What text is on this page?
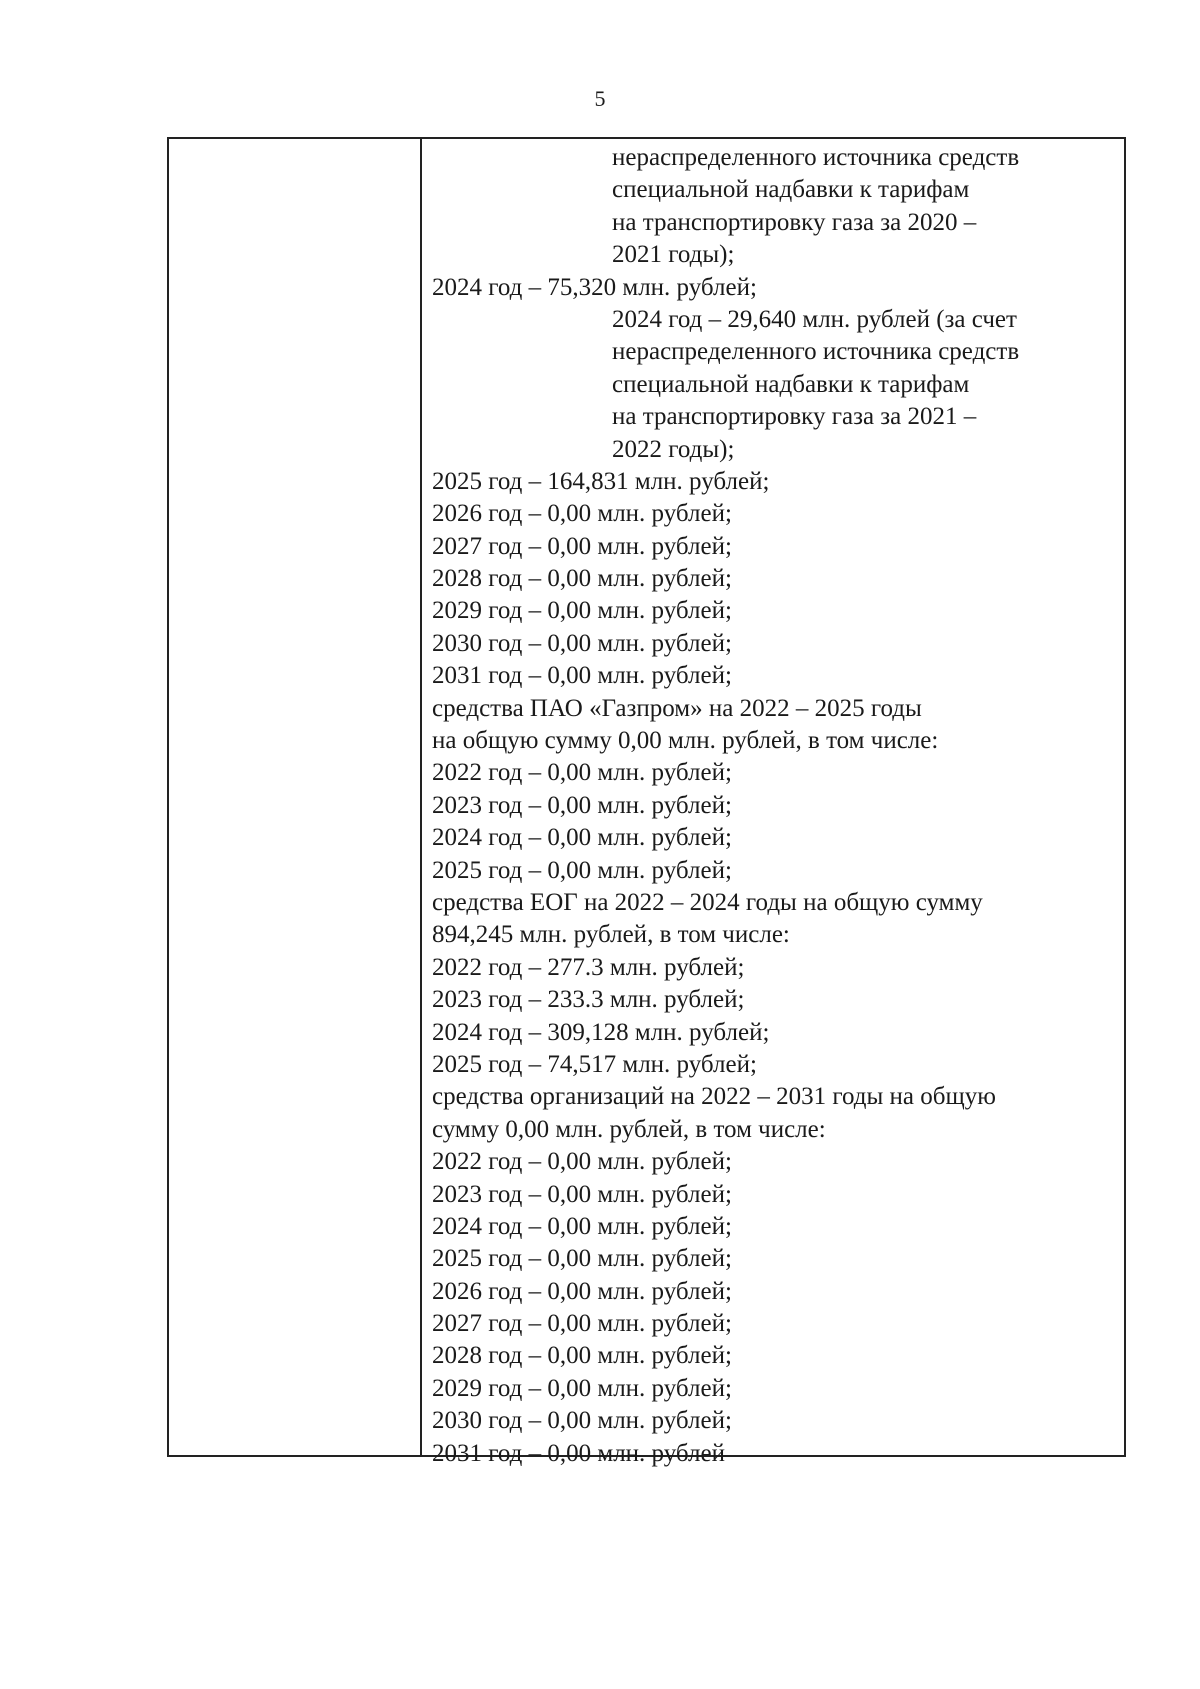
5
нераспределенного источника средств
специальной надбавки к тарифам
на транспортировку газа за 2020 –
2021 годы);
2024 год – 75,320 млн. рублей;
2024 год – 29,640 млн. рублей (за счет
нераспределенного источника средств
специальной надбавки к тарифам
на транспортировку газа за 2021 –
2022 годы);
2025 год – 164,831 млн. рублей;
2026 год – 0,00 млн. рублей;
2027 год – 0,00 млн. рублей;
2028 год – 0,00 млн. рублей;
2029 год – 0,00 млн. рублей;
2030 год – 0,00 млн. рублей;
2031 год – 0,00 млн. рублей;
средства ПАО «Газпром» на 2022 – 2025 годы
на общую сумму 0,00 млн. рублей, в том числе:
2022 год – 0,00 млн. рублей;
2023 год – 0,00 млн. рублей;
2024 год – 0,00 млн. рублей;
2025 год – 0,00 млн. рублей;
средства ЕОГ на 2022 – 2024 годы на общую сумму
894,245 млн. рублей, в том числе:
2022 год – 277.3 млн. рублей;
2023 год – 233.3 млн. рублей;
2024 год – 309,128 млн. рублей;
2025 год – 74,517 млн. рублей;
средства организаций на 2022 – 2031 годы на общую
сумму 0,00 млн. рублей, в том числе:
2022 год – 0,00 млн. рублей;
2023 год – 0,00 млн. рублей;
2024 год – 0,00 млн. рублей;
2025 год – 0,00 млн. рублей;
2026 год – 0,00 млн. рублей;
2027 год – 0,00 млн. рублей;
2028 год – 0,00 млн. рублей;
2029 год – 0,00 млн. рублей;
2030 год – 0,00 млн. рублей;
2031 год – 0,00 млн. рублей
